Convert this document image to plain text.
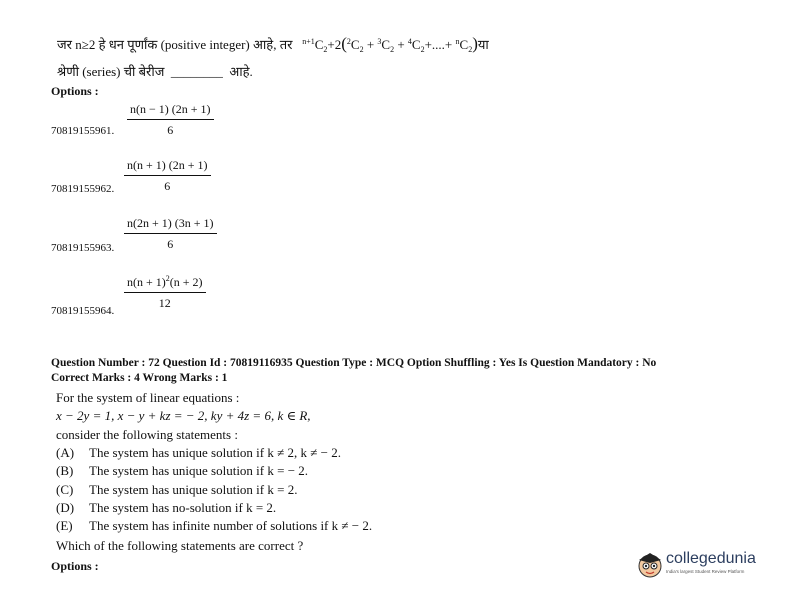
जर n≥2 हे धन पूर्णांक (positive integer) आहे, तर $^{n+1}C_2+2(^2C_2 + ^3C_2 + ^4C_2+....+$ $^nC_2)या$
श्रेणी (series) ची बेरीज ________ आहे.
Options :
$\frac{n(n - 1) (2n + 1)}{6}$
70819155961.
$\frac{n(n + 1) (2n + 1)}{6}$
70819155962.
$\frac{n(2n + 1) (3n + 1)}{6}$
70819155963.
$\frac{n(n + 1)^2(n + 2)}{12}$
70819155964.
Question Number : 72 Question Id : 70819116935 Question Type : MCQ Option Shuffling : Yes Is Question Mandatory : No
Correct Marks : 4 Wrong Marks : 1
For the system of linear equations :
x − 2y = 1, x − y + kz = − 2, ky + 4z = 6, k ∈ R,
consider the following statements :
(A) The system has unique solution if k ≠ 2, k ≠ − 2.
(B) The system has unique solution if k = − 2.
(C) The system has unique solution if k = 2.
(D) The system has no-solution if k = 2.
(E) The system has infinite number of solutions if k ≠ − 2.
Which of the following statements are correct ?
Options :	collegedunia
India's largest Student Review Platform
